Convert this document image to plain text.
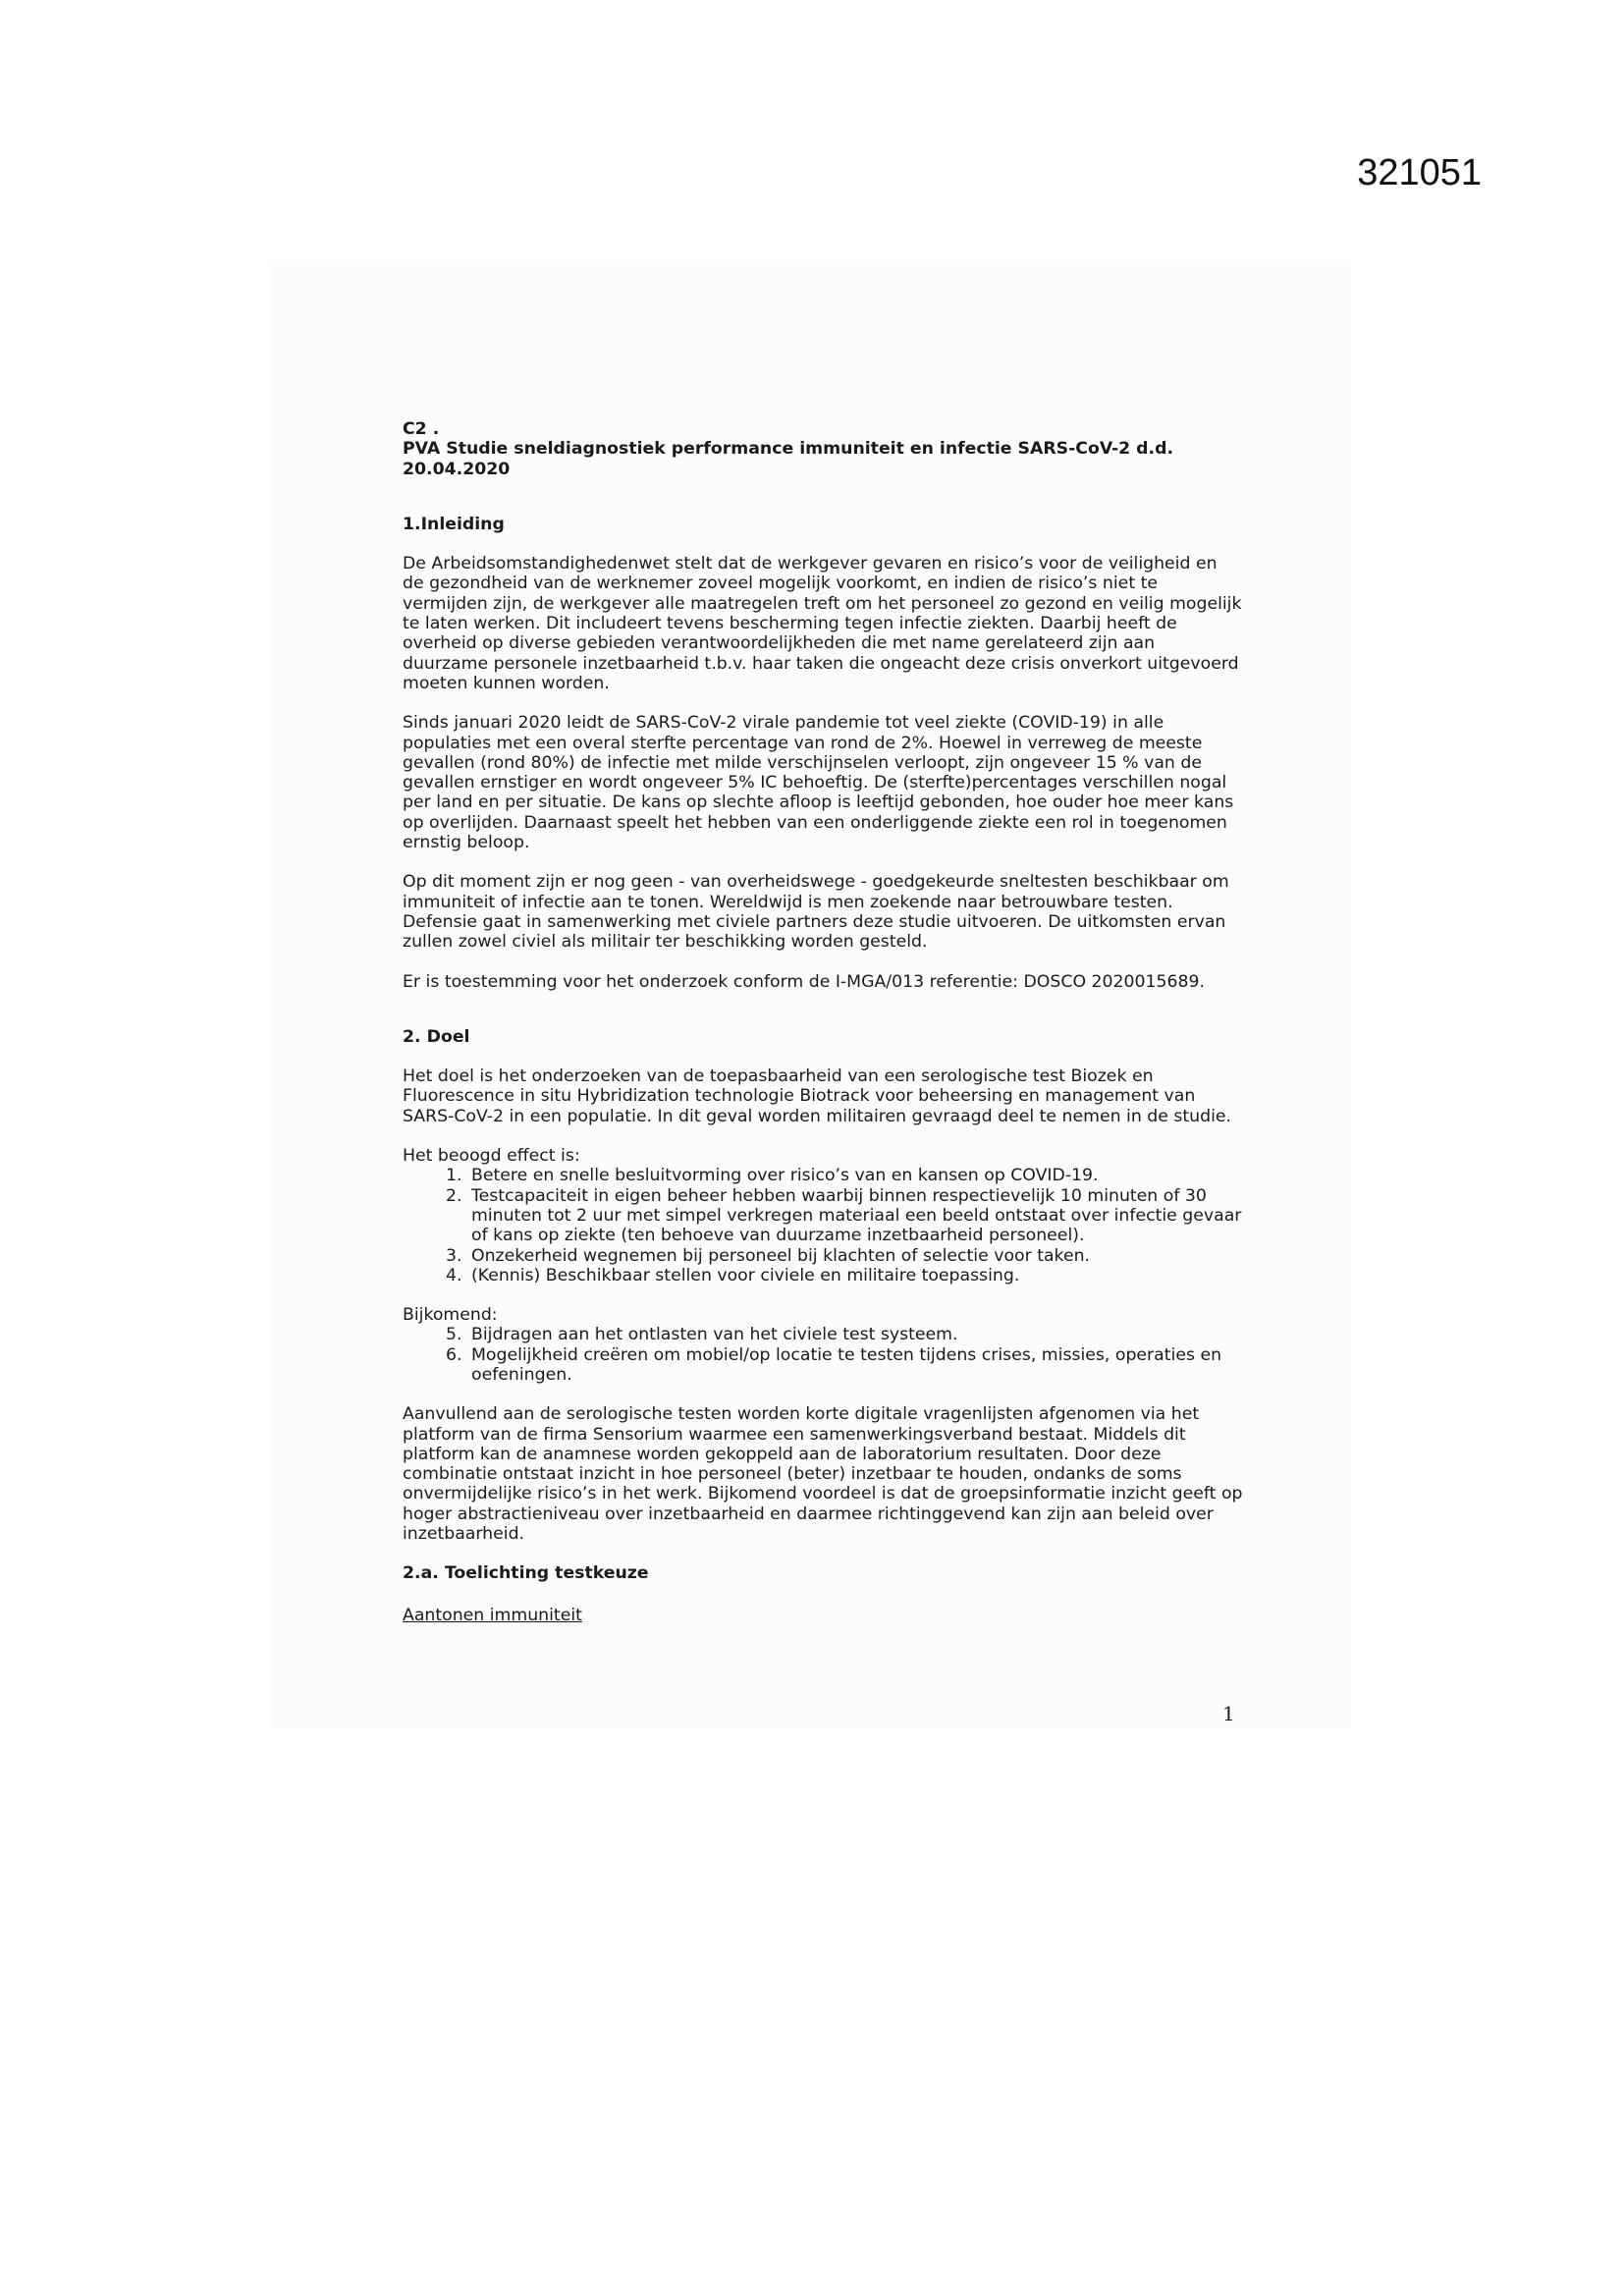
321051

C2 .
PVA Studie sneldiagnostiek performance immuniteit en infectie SARS-CoV-2 d.d.
20.04.2020

1.Inleiding

De Arbeidsomstandighedenwet stelt dat de werkgever gevaren en risico’s voor de veiligheid en de gezondheid van de werknemer zoveel mogelijk voorkomt, en indien de risico’s niet te vermijden zijn, de werkgever alle maatregelen treft om het personeel zo gezond en veilig mogelijk te laten werken. Dit includeert tevens bescherming tegen infectie ziekten. Daarbij heeft de overheid op diverse gebieden verantwoordelijkheden die met name gerelateerd zijn aan duurzame personele inzetbaarheid t.b.v. haar taken die ongeacht deze crisis onverkort uitgevoerd moeten kunnen worden.

Sinds januari 2020 leidt de SARS-CoV-2 virale pandemie tot veel ziekte (COVID-19) in alle populaties met een overal sterfte percentage van rond de 2%. Hoewel in verreweg de meeste gevallen (rond 80%) de infectie met milde verschijnselen verloopt, zijn ongeveer 15 % van de gevallen ernstiger en wordt ongeveer 5% IC behoeftig. De (sterfte)percentages verschillen nogal per land en per situatie. De kans op slechte afloop is leeftijd gebonden, hoe ouder hoe meer kans op overlijden. Daarnaast speelt het hebben van een onderliggende ziekte een rol in toegenomen ernstig beloop.

Op dit moment zijn er nog geen - van overheidswege - goedgekeurde sneltesten beschikbaar om immuniteit of infectie aan te tonen. Wereldwijd is men zoekende naar betrouwbare testen. Defensie gaat in samenwerking met civiele partners deze studie uitvoeren. De uitkomsten ervan zullen zowel civiel als militair ter beschikking worden gesteld.

Er is toestemming voor het onderzoek conform de I-MGA/013 referentie: DOSCO 2020015689.

2. Doel

Het doel is het onderzoeken van de toepasbaarheid van een serologische test Biozek en Fluorescence in situ Hybridization technologie Biotrack voor beheersing en management van SARS-CoV-2 in een populatie. In dit geval worden militairen gevraagd deel te nemen in de studie.

Het beoogd effect is:

1. Betere en snelle besluitvorming over risico’s van en kansen op COVID-19.
2. Testcapaciteit in eigen beheer hebben waarbij binnen respectievelijk 10 minuten of 30 minuten tot 2 uur met simpel verkregen materiaal een beeld ontstaat over infectie gevaar of kans op ziekte (ten behoeve van duurzame inzetbaarheid personeel).
3. Onzekerheid wegnemen bij personeel bij klachten of selectie voor taken.
4. (Kennis) Beschikbaar stellen voor civiele en militaire toepassing.

Bijkomend:

5. Bijdragen aan het ontlasten van het civiele test systeem.
6. Mogelijkheid creëren om mobiel/op locatie te testen tijdens crises, missies, operaties en oefeningen.

Aanvullend aan de serologische testen worden korte digitale vragenlijsten afgenomen via het platform van de firma Sensorium waarmee een samenwerkingsverband bestaat. Middels dit platform kan de anamnese worden gekoppeld aan de laboratorium resultaten. Door deze combinatie ontstaat inzicht in hoe personeel (beter) inzetbaar te houden, ondanks de soms onvermijdelijke risico’s in het werk. Bijkomend voordeel is dat de groepsinformatie inzicht geeft op hoger abstractieniveau over inzetbaarheid en daarmee richtinggevend kan zijn aan beleid over inzetbaarheid.

2.a. Toelichting testkeuze

Aantonen immuniteit

1
